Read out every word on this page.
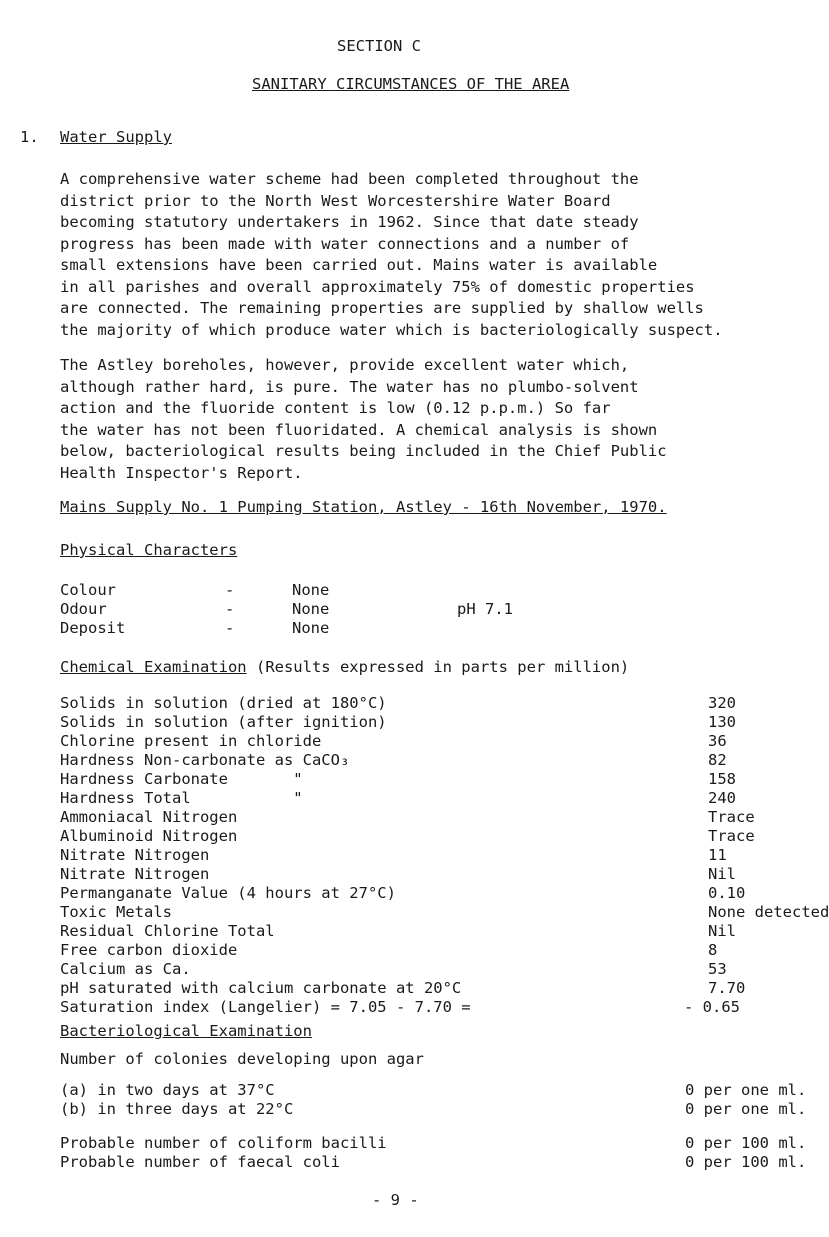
SECTION C
SANITARY CIRCUMSTANCES OF THE AREA
1. Water Supply
A comprehensive water scheme had been completed throughout the
district prior to the North West Worcestershire Water Board
becoming statutory undertakers in 1962. Since that date steady
progress has been made with water connections and a number of
small extensions have been carried out. Mains water is available
in all parishes and overall approximately 75% of domestic properties
are connected. The remaining properties are supplied by shallow wells
the majority of which produce water which is bacteriologically suspect.
The Astley boreholes, however, provide excellent water which,
although rather hard, is pure. The water has no plumbo-solvent
action and the fluoride content is low (0.12 p.p.m.) So far
the water has not been fluoridated. A chemical analysis is shown
below, bacteriological results being included in the Chief Public
Health Inspector's Report.
Mains Supply No. 1 Pumping Station, Astley - 16th November, 1970.
Physical Characters
Colour	-	None
Odour	-	None
Deposit	-	None
pH 7.1
Chemical Examination (Results expressed in parts per million)
Solids in solution (dried at 180°C)	320
Solids in solution (after ignition)	130
Chlorine present in chloride	36
Hardness Non-carbonate as CaCO₃	82
Hardness Carbonate       "	158
Hardness Total           "	240
Ammoniacal Nitrogen	Trace
Albuminoid Nitrogen	Trace
Nitrate Nitrogen	11
Nitrate Nitrogen	Nil
Permanganate Value (4 hours at 27°C)	0.10
Toxic Metals	None detected
Residual Chlorine Total	Nil
Free carbon dioxide	8
Calcium as Ca.	53
pH saturated with calcium carbonate at 20°C	7.70
Saturation index (Langelier) = 7.05 - 7.70 =	- 0.65
Bacteriological Examination
Number of colonies developing upon agar
(a) in two days at 37°C	0 per one ml.
(b) in three days at 22°C	0 per one ml.
Probable number of coliform bacilli	0 per 100 ml.
Probable number of faecal coli	0 per 100 ml.
- 9 -
